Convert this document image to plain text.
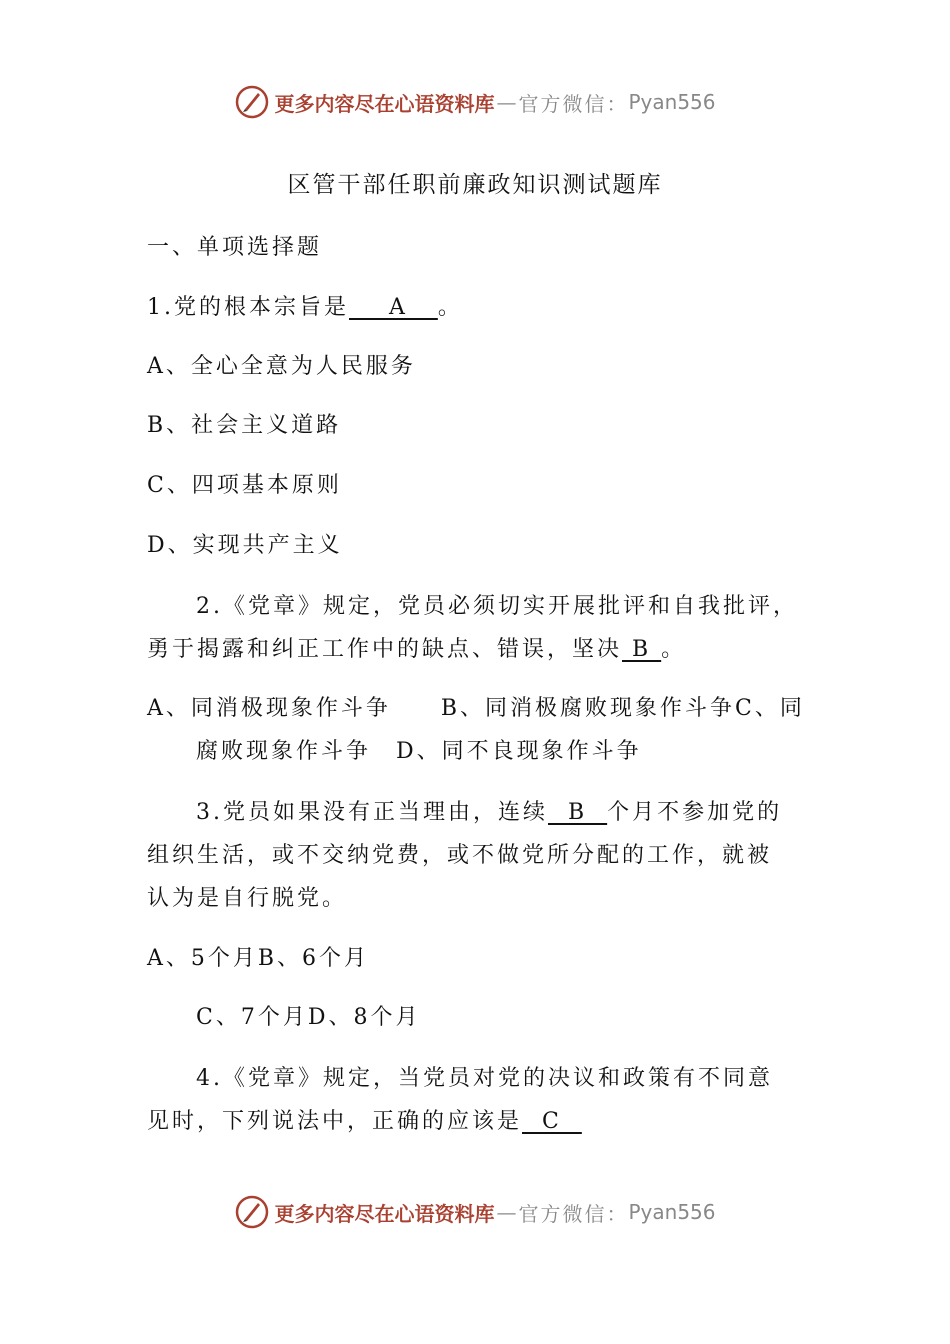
更多内容尽在心语资料库 — 官方微信： Pyan556
区管干部任职前廉政知识测试题库
一、单项选择题
1.党的根本宗旨是    A   。
A、全心全意为人民服务
B、社会主义道路
C、四项基本原则
D、实现共产主义
2.《党章》规定，党员必须切实开展批评和自我批评，
勇于揭露和纠正工作中的缺点、错误，坚决 B 。
A、同消极现象作斗争　　B、同消极腐败现象作斗争C、同
腐败现象作斗争　D、同不良现象作斗争
3.党员如果没有正当理由，连续  B  个月不参加党的
组织生活，或不交纳党费，或不做党所分配的工作，就被
认为是自行脱党。
A、5个月B、6个月
C、7个月D、8个月
4.《党章》规定，当党员对党的决议和政策有不同意
见时，下列说法中，正确的应该是  C
更多内容尽在心语资料库 — 官方微信： Pyan556
